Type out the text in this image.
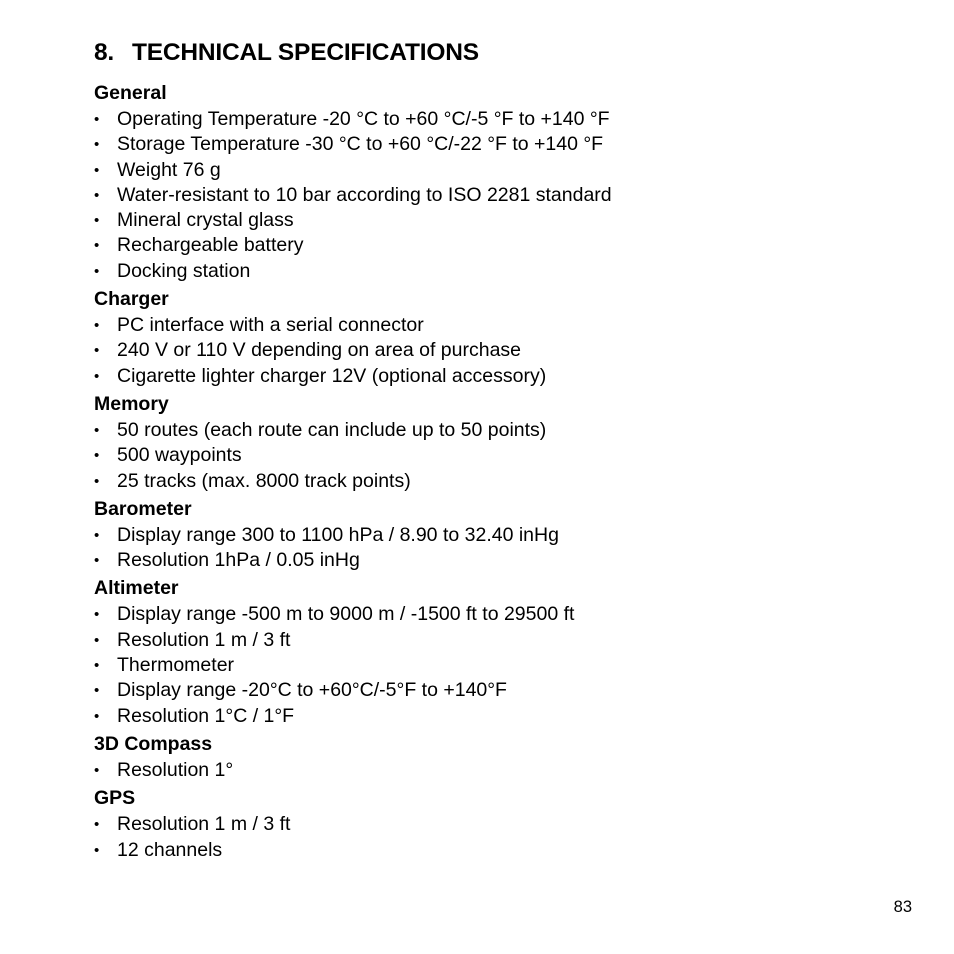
8. TECHNICAL SPECIFICATIONS
General
• Operating Temperature -20 °C to +60 °C/-5 °F to +140 °F
• Storage Temperature -30 °C to +60 °C/-22 °F to +140 °F
• Weight 76 g
• Water-resistant to 10 bar according to ISO 2281 standard
• Mineral crystal glass
• Rechargeable battery
• Docking station
Charger
• PC interface with a serial connector
• 240 V or 110 V depending on area of purchase
• Cigarette lighter charger 12V (optional accessory)
Memory
• 50 routes (each route can include up to 50 points)
• 500 waypoints
• 25 tracks (max. 8000 track points)
Barometer
• Display range 300 to 1100 hPa / 8.90 to 32.40 inHg
• Resolution 1hPa / 0.05 inHg
Altimeter
• Display range -500 m to 9000 m / -1500 ft to 29500 ft
• Resolution 1 m / 3 ft
• Thermometer
• Display range -20°C to +60°C/-5°F to +140°F
• Resolution 1°C / 1°F
3D Compass
• Resolution 1°
GPS
• Resolution 1 m / 3 ft
• 12 channels
83
